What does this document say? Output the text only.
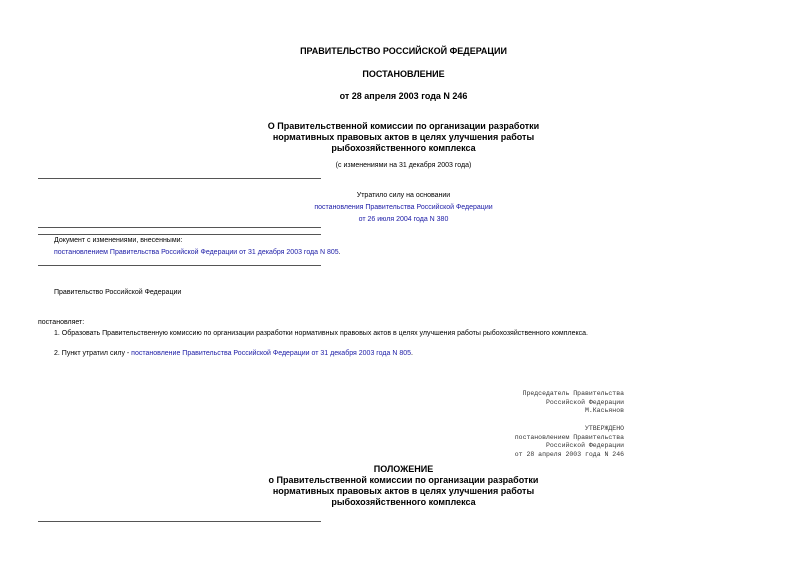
ПРАВИТЕЛЬСТВО РОССИЙСКОЙ ФЕДЕРАЦИИ
ПОСТАНОВЛЕНИЕ
от 28 апреля 2003 года N 246
О Правительственной комиссии по организации разработки
нормативных правовых актов в целях улучшения работы
рыбохозяйственного комплекса
(с изменениями на 31 декабря 2003 года)
Утратило силу на основании
постановления Правительства Российской Федерации
от 26 июля 2004 года N 380
Документ с изменениями, внесенными:
постановлением Правительства Российской Федерации от 31 декабря 2003 года N 805.
Правительство Российской Федерации
постановляет:
1. Образовать Правительственную комиссию по организации разработки нормативных правовых актов в целях улучшения работы рыбохозяйственного комплекса.
2. Пункт утратил силу - постановление Правительства Российской Федерации от 31 декабря 2003 года N 805.
Председатель Правительства
Российской Федерации
М.Касьянов
УТВЕРЖДЕНО
постановлением Правительства
Российской Федерации
от 28 апреля 2003 года N 246
ПОЛОЖЕНИЕ
о Правительственной комиссии по организации разработки
нормативных правовых актов в целях улучшения работы
рыбохозяйственного комплекса
